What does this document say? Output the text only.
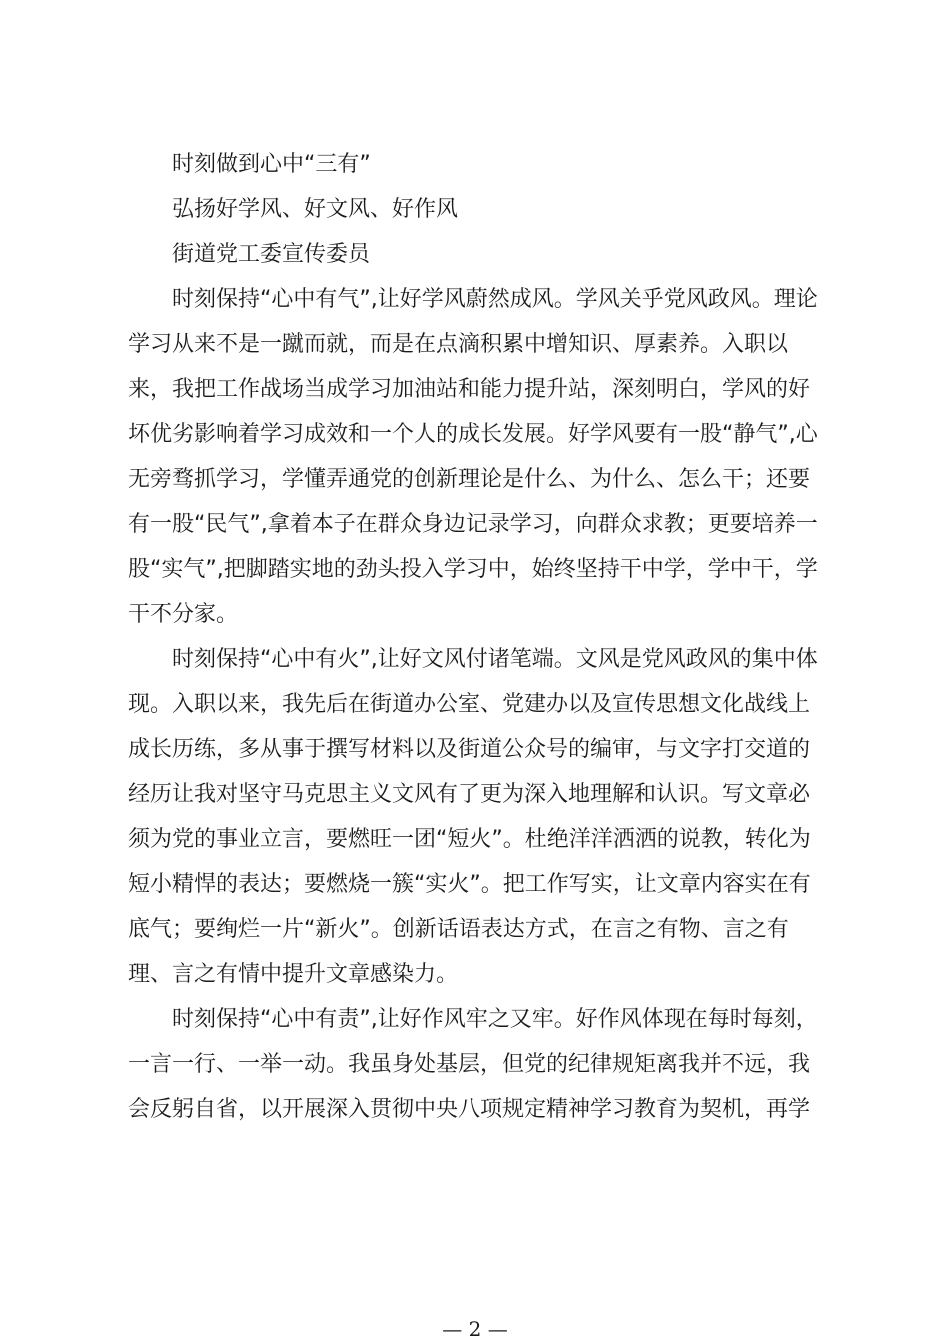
时刻做到心中“三有”
弘扬好学风、好文风、好作风
街道党工委宣传委员
时刻保持“心中有气”,让好学风蔚然成风。学风关乎党风政风。理论
学习从来不是一蹴而就，而是在点滴积累中增知识、厚素养。入职以
来，我把工作战场当成学习加油站和能力提升站，深刻明白，学风的好
坏优劣影响着学习成效和一个人的成长发展。好学风要有一股“静气”,心
无旁骛抓学习，学懂弄通党的创新理论是什么、为什么、怎么干；还要
有一股“民气”,拿着本子在群众身边记录学习，向群众求教；更要培养一
股“实气”,把脚踏实地的劲头投入学习中，始终坚持干中学，学中干，学
干不分家。
时刻保持“心中有火”,让好文风付诸笔端。文风是党风政风的集中体
现。入职以来，我先后在街道办公室、党建办以及宣传思想文化战线上
成长历练，多从事于撰写材料以及街道公众号的编审，与文字打交道的
经历让我对坚守马克思主义文风有了更为深入地理解和认识。写文章必
须为党的事业立言，要燃旺一团“短火”。杜绝洋洋洒洒的说教，转化为
短小精悍的表达；要燃烧一簇“实火”。把工作写实，让文章内容实在有
底气；要绚烂一片“新火”。创新话语表达方式，在言之有物、言之有
理、言之有情中提升文章感染力。
时刻保持“心中有责”,让好作风牢之又牢。好作风体现在每时每刻，
一言一行、一举一动。我虽身处基层，但党的纪律规矩离我并不远，我
会反躬自省，以开展深入贯彻中央八项规定精神学习教育为契机，再学
— 2 —
